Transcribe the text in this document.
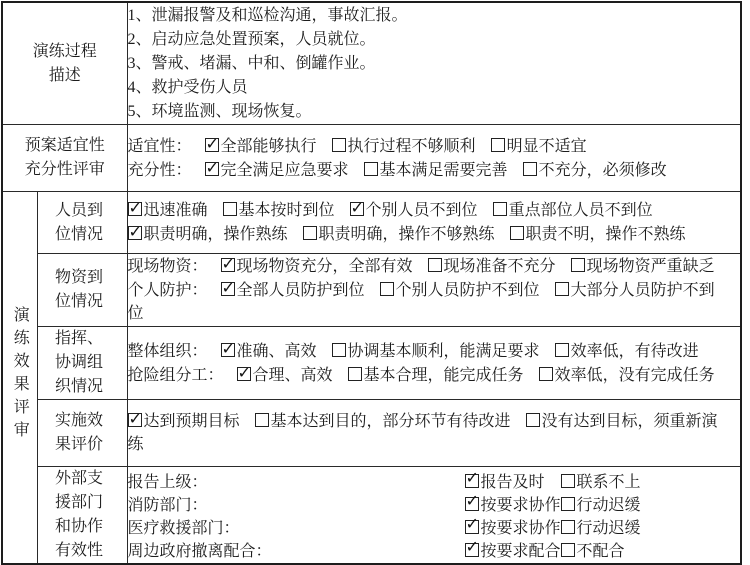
演练过程
描述

1、泄漏报警及和巡检沟通，事故汇报。
2、启动应急处置预案，人员就位。
3、警戒、堵漏、中和、倒罐作业。
4、救护受伤人员
5、环境监测、现场恢复。

预案适宜性
充分性评审

适宜性： ✓ 全部能够执行 执行过程不够顺利 明显不适宜
充分性： ✓ 完全满足应急要求 基本满足需要完善 不充分，必须修改

演练效果评审	人员到位情况

✓迅速准确 基本按时到位 ✓ 个别人员不到位 重点部位人员不到位
✓职责明确，操作熟练 职责明确，操作不够熟练 职责不明，操作不熟练

	物资到位情况	现场物资： ✓ 现场物资充分，全部有效 现场准备不充分 现场物资严重缺乏
个人防护： ✓ 全部人员防护到位 个别人员防护不到位 大部分人员防护不到位

	指挥、协调组织情况	整体组织： ✓ 准确、高效 协调基本顺利，能满足要求 效率低，有待改进
抢险组分工： ✓ 合理、高效 基本合理，能完成任务 效率低，没有完成任务

	实施效果评价

✓达到预期目标 基本达到目的，部分环节有待改进 没有达到目标，须重新演练

外部支援部门和协作有效性

报告上级： ✓	报告及时	联系不上
消防部门： ✓	按要求协作 行动迟缓
医疗救援部门： ✓	按要求协作 行动迟缓
周边政府撤离配合： ✓	按要求配合 不配合
